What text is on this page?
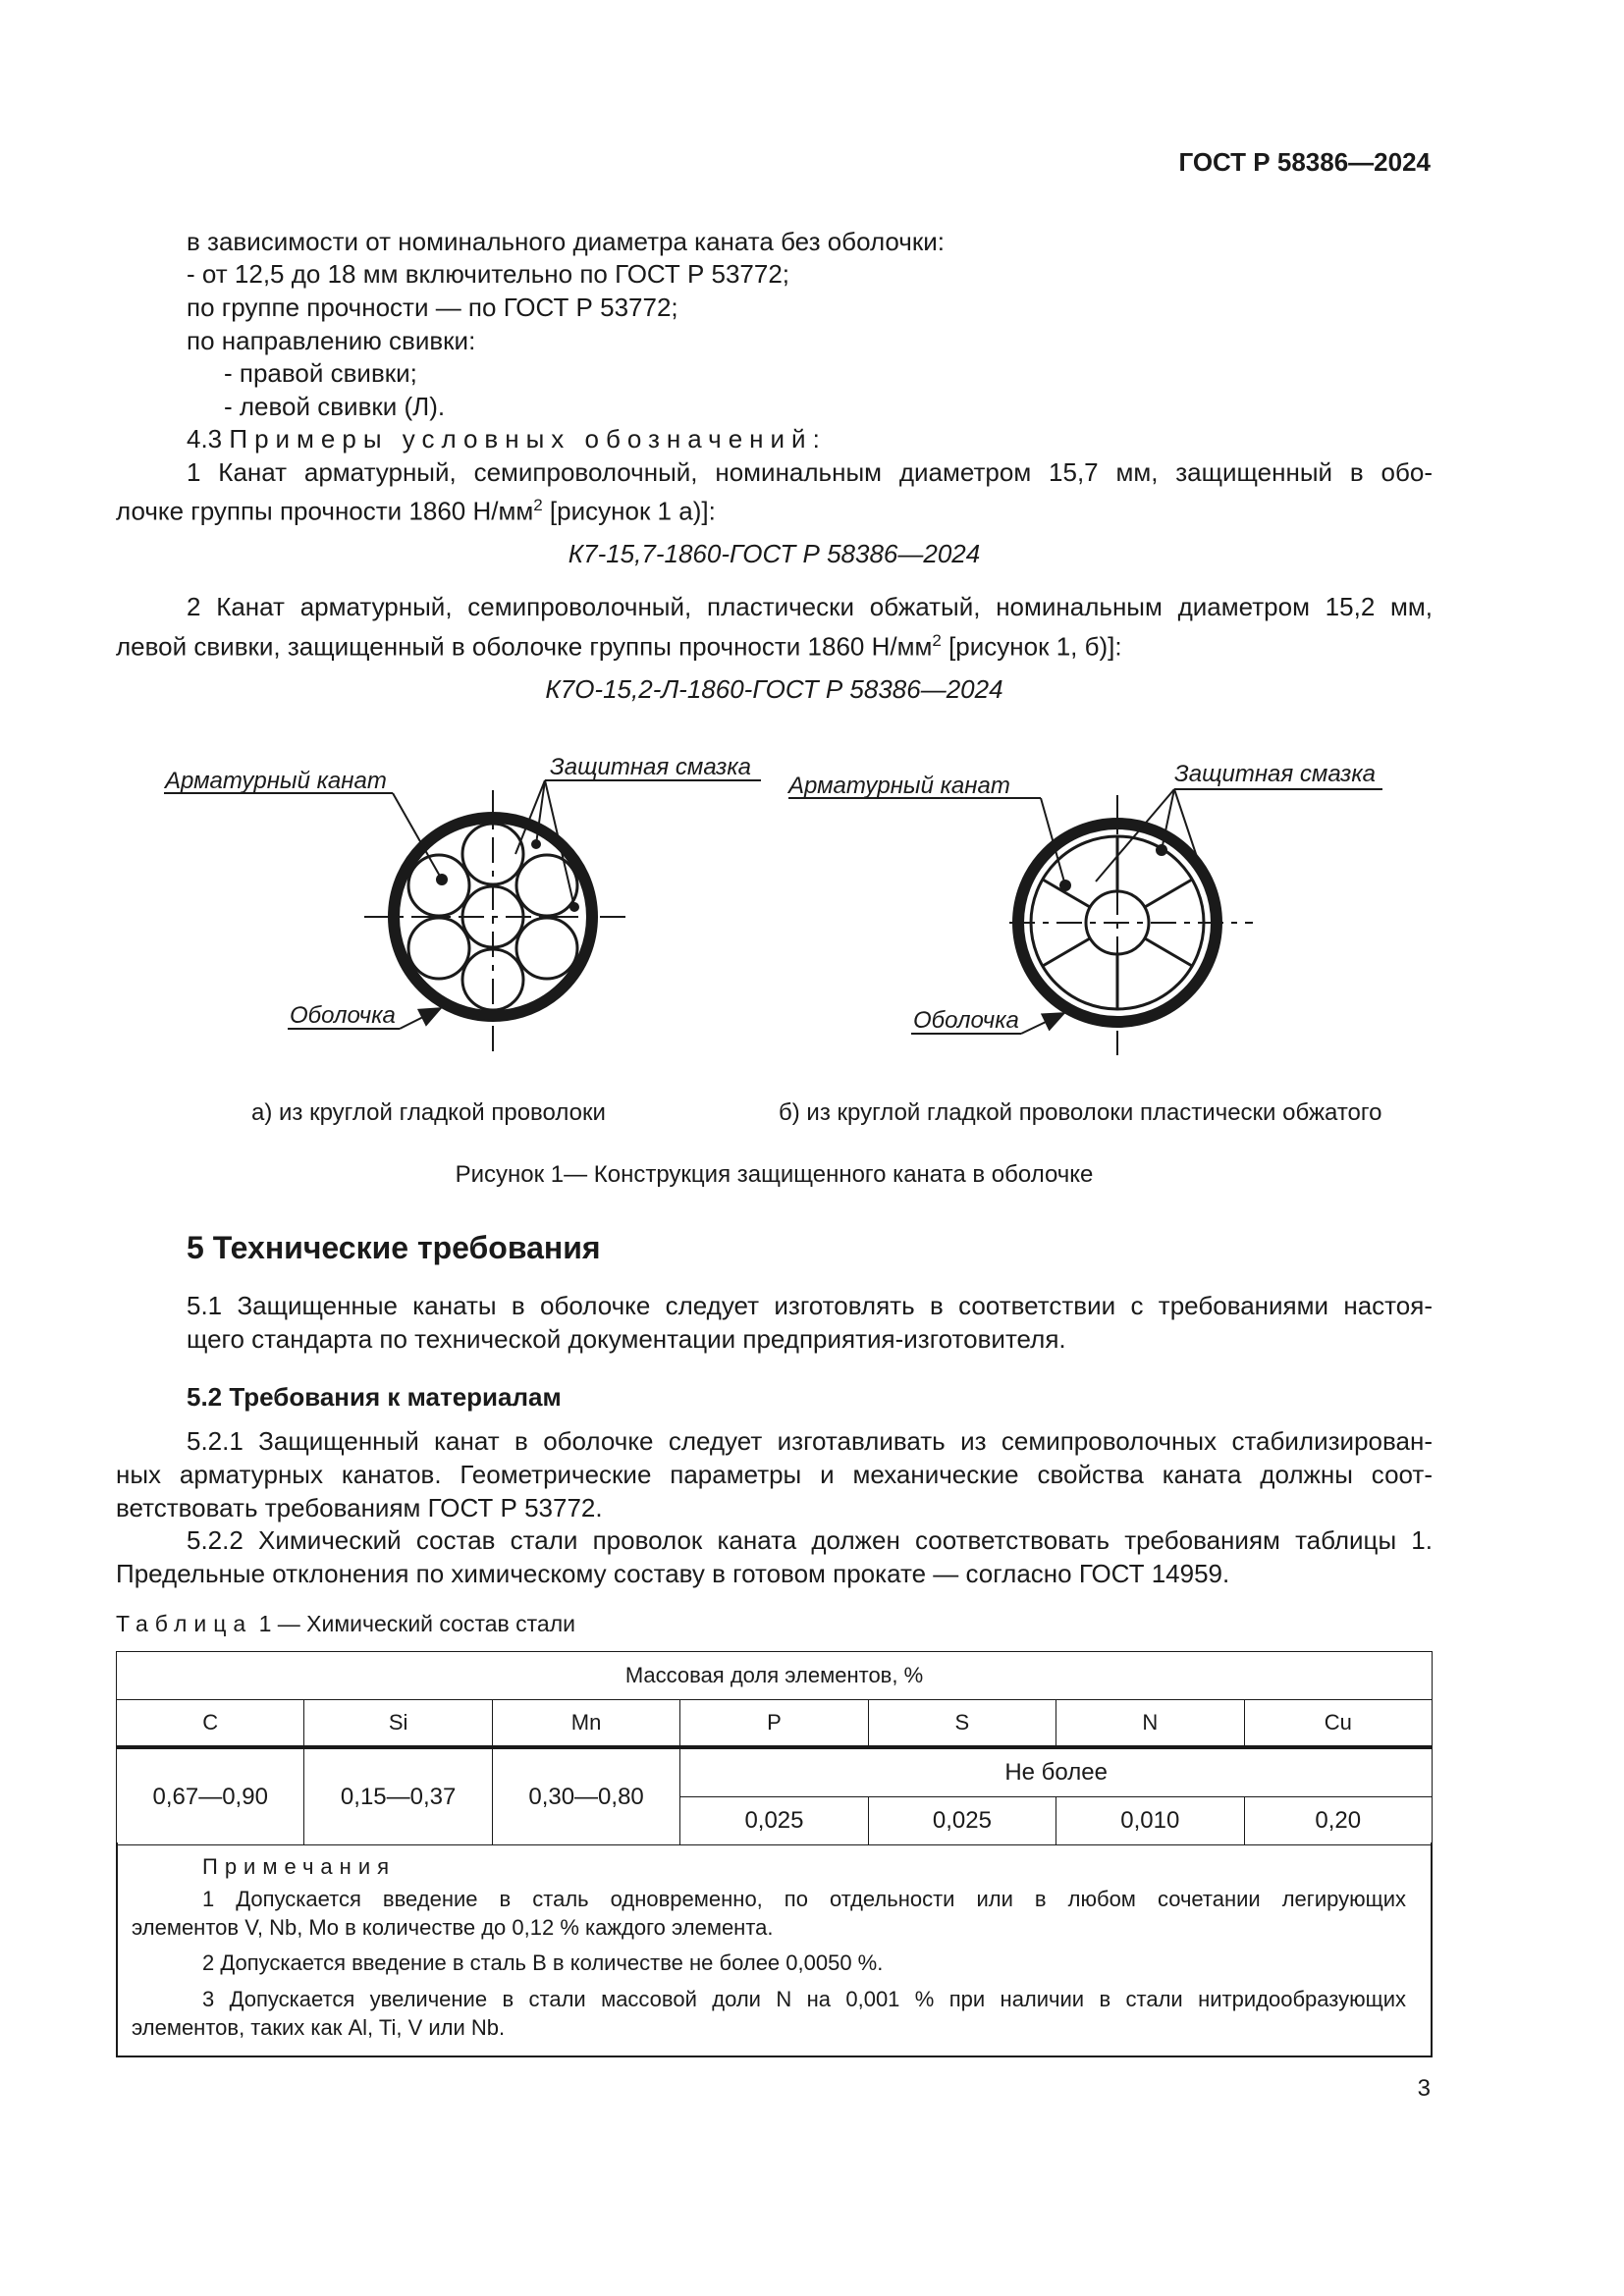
ГОСТ Р 58386—2024
в зависимости от номинального диаметра каната без оболочки:
- от 12,5 до 18 мм включительно по ГОСТ Р 53772;
по группе прочности — по ГОСТ Р 53772;
по направлению свивки:
- правой свивки;
- левой свивки (Л).
4.3 Примеры условных обозначений:
1 Канат арматурный, семипроволочный, номинальным диаметром 15,7 мм, защищенный в обо-
лочке группы прочности 1860 $Н/мм^2$ [рисунок 1 а)]:
К7-15,7-1860-ГОСТ Р 58386—2024
2 Канат арматурный, семипроволочный, пластически обжатый, номинальным диаметром 15,2 мм,
левой свивки, защищенный в оболочке группы прочности 1860 $Н/мм^2$ [рисунок 1, б)]:
К7О-15,2-Л-1860-ГОСТ Р 58386—2024
Арматурный канат
Защитная смазка
Оболочка
Арматурный канат	Защитная смазка
Оболочка
а) из круглой гладкой проволоки	б) из круглой гладкой проволоки пластически обжатого
Рисунок 1— Конструкция защищенного каната в оболочке
5 Технические требования
5.1 Защищенные канаты в оболочке следует изготовлять в соответствии с требованиями настоя-
щего стандарта по технической документации предприятия-изготовителя.
5.2 Требования к материалам
5.2.1 Защищенный канат в оболочке следует изготавливать из семипроволочных стабилизирован-
ных арматурных канатов. Геометрические параметры и механические свойства каната должны соот-
ветствовать требованиям ГОСТ Р 53772.
5.2.2 Химический состав стали проволок каната должен соответствовать требованиям таблицы 1.
Предельные отклонения по химическому составу в готовом прокате — согласно ГОСТ 14959.
Таблица 1 — Химический состав стали
Массовая доля элементов, %						
C	Si	Mn	P	S	N	Cu
0,67—0,90	0,15—0,37	0,30—0,80	Не более			
			0,025	0,025	0,010	0,20
Примечания
1 Допускается введение в сталь одновременно, по отдельности или в любом сочетании легирующих
элементов V, Nb, Mo в количестве до 0,12 % каждого элемента.
2 Допускается введение в сталь В в количестве не более 0,0050 %.
3 Допускается увеличение в стали массовой доли N на 0,001 % при наличии в стали нитридообразующих
элементов, таких как Al, Ti, V или Nb.
3
